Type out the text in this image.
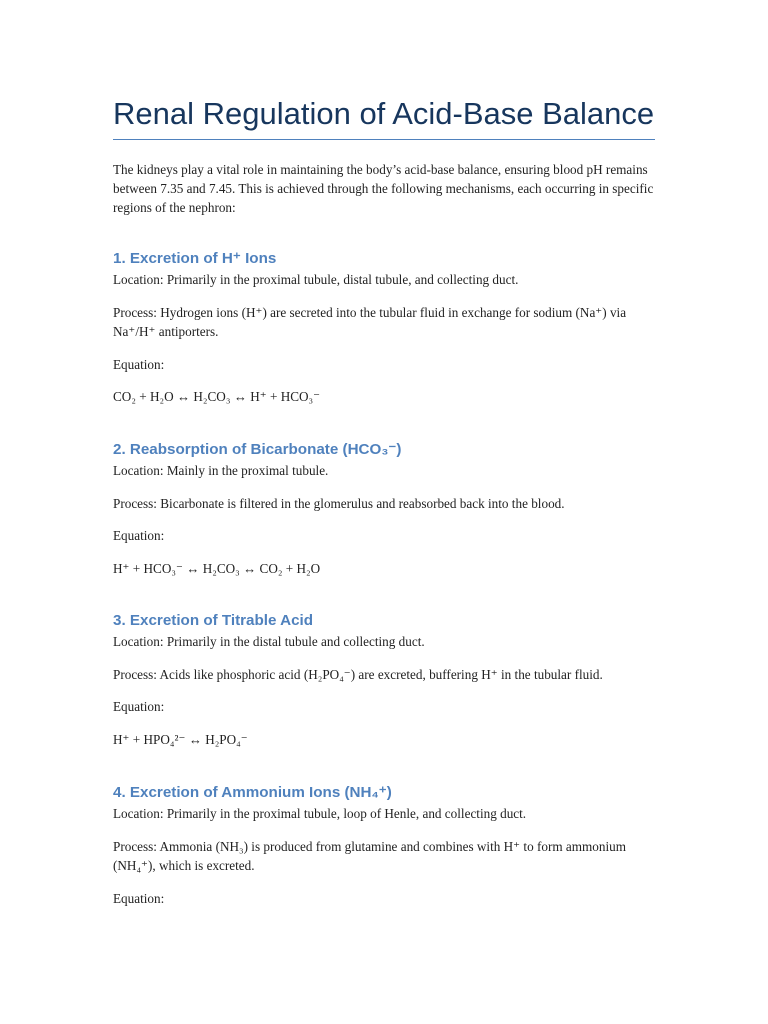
Renal Regulation of Acid-Base Balance

The kidneys play a vital role in maintaining the body’s acid-base balance, ensuring blood pH remains between 7.35 and 7.45. This is achieved through the following mechanisms, each occurring in specific regions of the nephron:

1. Excretion of H⁺ Ions

Location: Primarily in the proximal tubule, distal tubule, and collecting duct.

Process: Hydrogen ions (H⁺) are secreted into the tubular fluid in exchange for sodium (Na⁺) via Na⁺/H⁺ antiporters.

Equation:

CO₂ + H₂O ↔ H₂CO₃ ↔ H⁺ + HCO₃⁻

2. Reabsorption of Bicarbonate (HCO₃⁻)

Location: Mainly in the proximal tubule.

Process: Bicarbonate is filtered in the glomerulus and reabsorbed back into the blood.

Equation:

H⁺ + HCO₃⁻ ↔ H₂CO₃ ↔ CO₂ + H₂O

3. Excretion of Titrable Acid

Location: Primarily in the distal tubule and collecting duct.

Process: Acids like phosphoric acid (H₂PO₄⁻) are excreted, buffering H⁺ in the tubular fluid.

Equation:

H⁺ + HPO₄²⁻ ↔ H₂PO₄⁻

4. Excretion of Ammonium Ions (NH₄⁺)

Location: Primarily in the proximal tubule, loop of Henle, and collecting duct.

Process: Ammonia (NH₃) is produced from glutamine and combines with H⁺ to form ammonium (NH₄⁺), which is excreted.

Equation:
